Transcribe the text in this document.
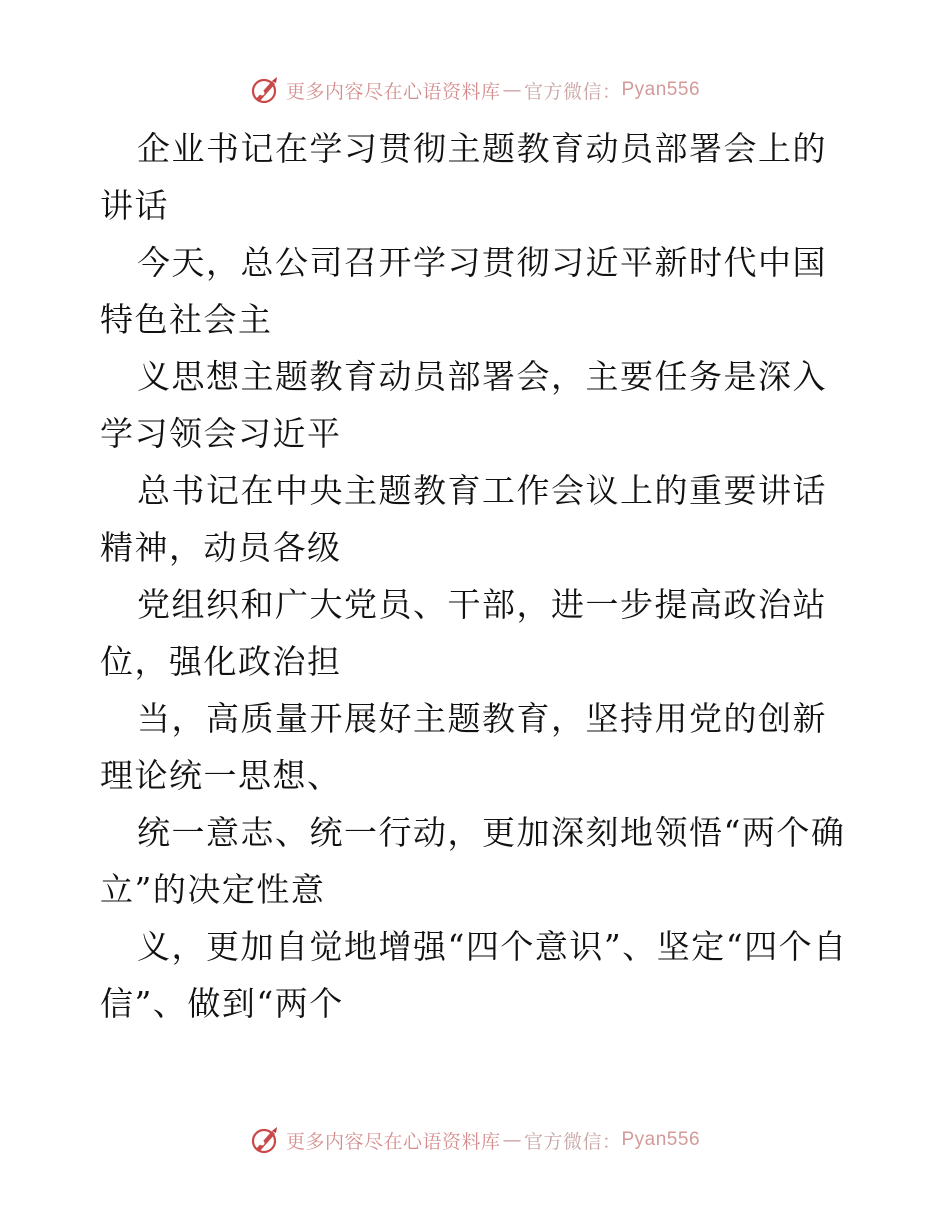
更多内容尽在心语资料库 — 官方微信： Pyan556

企业书记在学习贯彻主题教育动员部署会上的讲话

今天，总公司召开学习贯彻习近平新时代中国特色社会主

义思想主题教育动员部署会，主要任务是深入学习领会习近平

总书记在中央主题教育工作会议上的重要讲话精神，动员各级

党组织和广大党员、干部，进一步提高政治站位，强化政治担

当，高质量开展好主题教育，坚持用党的创新理论统一思想、

统一意志、统一行动，更加深刻地领悟“两个确立”的决定性意

义，更加自觉地增强“四个意识”、坚定“四个自信”、做到“两个

更多内容尽在心语资料库 — 官方微信： Pyan556
